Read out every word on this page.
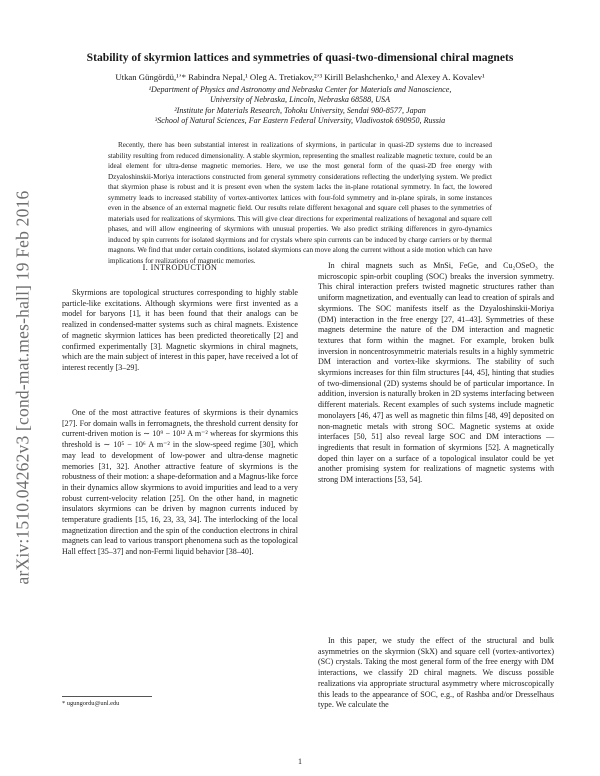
arXiv:1510.04262v3 [cond-mat.mes-hall] 19 Feb 2016
Stability of skyrmion lattices and symmetries of quasi-two-dimensional chiral magnets

Utkan Güngördü,¹ʼ* Rabindra Nepal,¹ Oleg A. Tretiakov,²ʼ³ Kirill Belashchenko,¹ and Alexey A. Kovalev¹

¹Department of Physics and Astronomy and Nebraska Center for Materials and Nanoscience,
University of Nebraska, Lincoln, Nebraska 68588, USA
²Institute for Materials Research, Tohoku University, Sendai 980-8577, Japan
³School of Natural Sciences, Far Eastern Federal University, Vladivostok 690950, Russia

Recently, there has been substantial interest in realizations of skyrmions, in particular in quasi-2D systems due to increased stability resulting from reduced dimensionality. A stable skyrmion, representing the smallest realizable magnetic texture, could be an ideal element for ultra-dense magnetic memories. Here, we use the most general form of the quasi-2D free energy with Dzyaloshinskii-Moriya interactions constructed from general symmetry considerations reflecting the underlying system. We predict that skyrmion phase is robust and it is present even when the system lacks the in-plane rotational symmetry. In fact, the lowered symmetry leads to increased stability of vortex-antivortex lattices with four-fold symmetry and in-plane spirals, in some instances even in the absence of an external magnetic field. Our results relate different hexagonal and square cell phases to the symmetries of materials used for realizations of skyrmions. This will give clear directions for experimental realizations of hexagonal and square cell phases, and will allow engineering of skyrmions with unusual properties. We also predict striking differences in gyro-dynamics induced by spin currents for isolated skyrmions and for crystals where spin currents can be induced by charge carriers or by thermal magnons. We find that under certain conditions, isolated skyrmions can move along the current without a side motion which can have implications for realizations of magnetic memories.

I. INTRODUCTION

Skyrmions are topological structures corresponding to highly stable particle-like excitations. Although skyrmions were first invented as a model for baryons [1], it has been found that their analogs can be realized in condensed-matter systems such as chiral magnets. Existence of magnetic skyrmion lattices has been predicted theoretically [2] and confirmed experimentally [3]. Magnetic skyrmions in chiral magnets, which are the main subject of interest in this paper, have received a lot of interest recently [3–29].

One of the most attractive features of skyrmions is their dynamics [27]. For domain walls in ferromagnets, the threshold current density for current-driven motion is ∼ 10⁹ − 10¹² A m⁻² whereas for skyrmions this threshold is ∼ 10⁵ − 10⁶ A m⁻² in the slow-speed regime [30], which may lead to development of low-power and ultra-dense magnetic memories [31, 32]. Another attractive feature of skyrmions is the robustness of their motion: a shape-deformation and a Magnus-like force in their dynamics allow skyrmions to avoid impurities and lead to a very robust current-velocity relation [25]. On the other hand, in magnetic insulators skyrmions can be driven by magnon currents induced by temperature gradients [15, 16, 23, 33, 34]. The interlocking of the local magnetization direction and the spin of the conduction electrons in chiral magnets can lead to various transport phenomena such as the topological Hall effect [35–37] and non-Fermi liquid behavior [38–40].

In chiral magnets such as MnSi, FeGe, and Cu₂OSeO₃ the microscopic spin-orbit coupling (SOC) breaks the inversion symmetry. This chiral interaction prefers twisted magnetic structures rather than uniform magnetization, and eventually can lead to creation of spirals and skyrmions. The SOC manifests itself as the Dzyaloshinskii-Moriya (DM) interaction in the free energy [27, 41–43]. Symmetries of these magnets determine the nature of the DM interaction and magnetic textures that form within the magnet. For example, broken bulk inversion in noncentrosymmetric materials results in a highly symmetric DM interaction and vortex-like skyrmions. The stability of such skyrmions increases for thin film structures [44, 45], hinting that studies of two-dimensional (2D) systems should be of particular importance. In addition, inversion is naturally broken in 2D systems interfacing between different materials. Recent examples of such systems include magnetic monolayers [46, 47] as well as magnetic thin films [48, 49] deposited on non-magnetic metals with strong SOC. Magnetic systems at oxide interfaces [50, 51] also reveal large SOC and DM interactions — ingredients that result in formation of skyrmions [52]. A magnetically doped thin layer on a surface of a topological insulator could be yet another promising system for realizations of magnetic systems with strong DM interactions [53, 54].

In this paper, we study the effect of the structural and bulk asymmetries on the skyrmion (SkX) and square cell (vortex-antivortex) (SC) crystals. Taking the most general form of the free energy with DM interactions, we classify 2D chiral magnets. We discuss possible realizations via appropriate structural asymmetry where microscopically this leads to the appearance of SOC, e.g., of Rashba and/or Dresselhaus type. We calculate the

* ugungordu@unl.edu

1
